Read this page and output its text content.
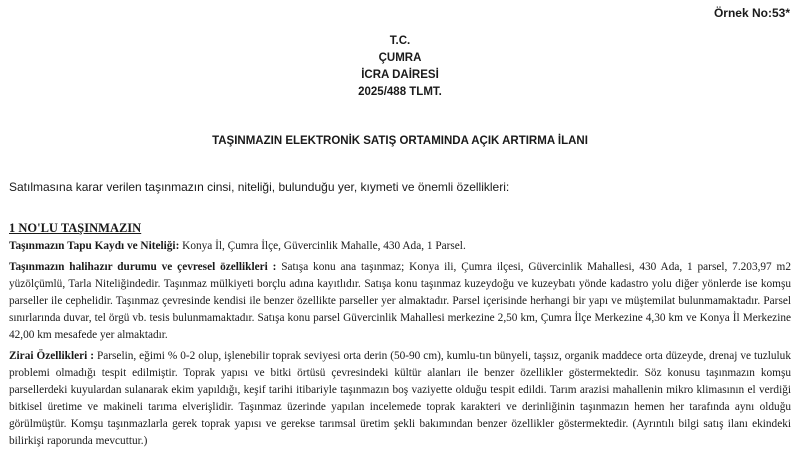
Örnek No:53*
T.C.
ÇUMRA
İCRA DAİRESİ
2025/488 TLMT.
TAŞINMAZIN ELEKTRONİK SATIŞ ORTAMINDA AÇIK ARTIRMA İLANI
Satılmasına karar verilen taşınmazın cinsi, niteliği, bulunduğu yer, kıymeti ve önemli özellikleri:
1 NO'LU TAŞINMAZIN
Taşınmazın Tapu Kaydı ve Niteliği: Konya İl, Çumra İlçe, Güvercinlik Mahalle, 430 Ada, 1 Parsel.
Taşınmazın halihazır durumu ve çevresel özellikleri : Satışa konu ana taşınmaz; Konya ili, Çumra ilçesi, Güvercinlik Mahallesi, 430 Ada, 1 parsel, 7.203,97 m2 yüzölçümlü, Tarla Niteliğindedir. Taşınmaz mülkiyeti borçlu adına kayıtlıdır. Satışa konu taşınmaz kuzeydoğu ve kuzeybatı yönde kadastro yolu diğer yönlerde ise komşu parseller ile cephelidir. Taşınmaz çevresinde kendisi ile benzer özellikte parseller yer almaktadır. Parsel içerisinde herhangi bir yapı ve müştemilat bulunmamaktadır. Parsel sınırlarında duvar, tel örgü vb. tesis bulunmamaktadır. Satışa konu parsel Güvercinlik Mahallesi merkezine 2,50 km, Çumra İlçe Merkezine 4,30 km ve Konya İl Merkezine 42,00 km mesafede yer almaktadır.
Zirai Özellikleri : Parselin, eğimi % 0-2 olup, işlenebilir toprak seviyesi orta derin (50-90 cm), kumlu-tın bünyeli, taşsız, organik maddece orta düzeyde, drenaj ve tuzluluk problemi olmadığı tespit edilmiştir. Toprak yapısı ve bitki örtüsü çevresindeki kültür alanları ile benzer özellikler göstermektedir. Söz konusu taşınmazın komşu parsellerdeki kuyulardan sulanarak ekim yapıldığı, keşif tarihi itibariyle taşınmazın boş vaziyette olduğu tespit edildi. Tarım arazisi mahallenin mikro klimasının el verdiği bitkisel üretime ve makineli tarıma elverişlidir. Taşınmaz üzerinde yapılan incelemede toprak karakteri ve derinliğinin taşınmazın hemen her tarafında aynı olduğu görülmüştür. Komşu taşınmazlarla gerek toprak yapısı ve gerekse tarımsal üretim şekli bakımından benzer özellikler göstermektedir. (Ayrıntılı bilgi satış ilanı ekindeki bilirkişi raporunda mevcuttur.)
